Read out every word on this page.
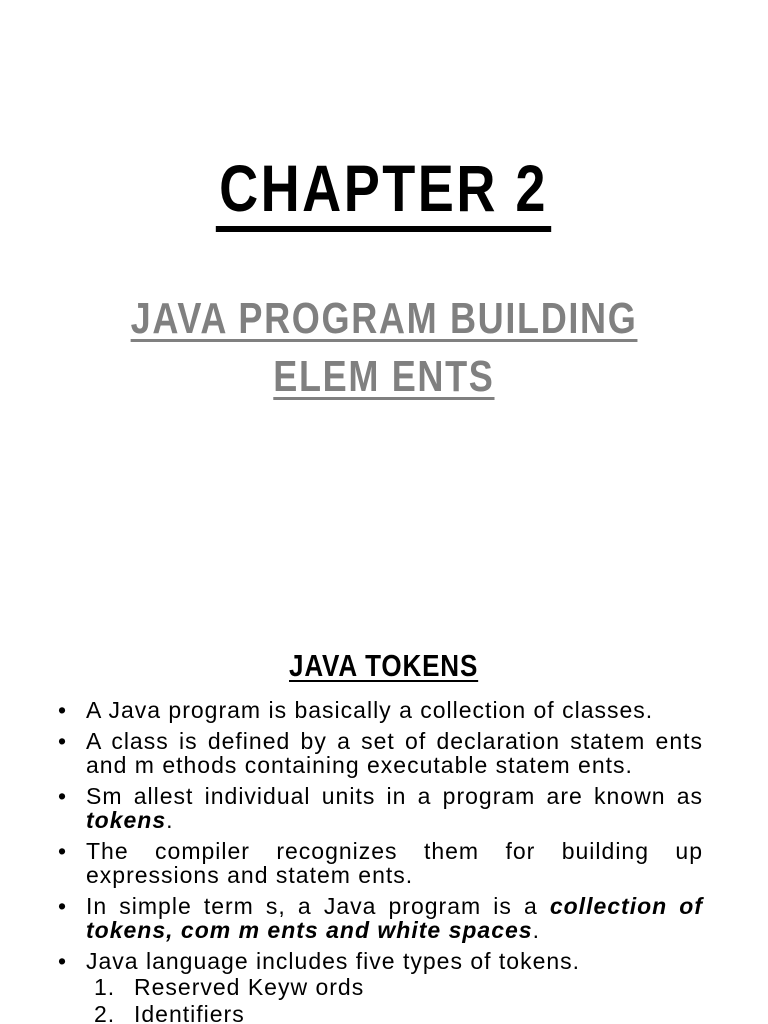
CHAPTER 2
JAVA PROGRAM BUILDING
ELEM ENTS
JAVA TOKENS
• A Java program is basically a collection of classes.
• A class is defined by a set of declaration statem ents and m ethods containing executable statem ents.
• Sm allest individual units in a program are known as tokens.
• The compiler recognizes them for building up expressions and statem ents.
• In simple term s, a Java program is a collection of tokens, com m ents and white spaces.
• Java language includes five types of tokens.
1. Reserved Keyw ords
2. Identifiers
